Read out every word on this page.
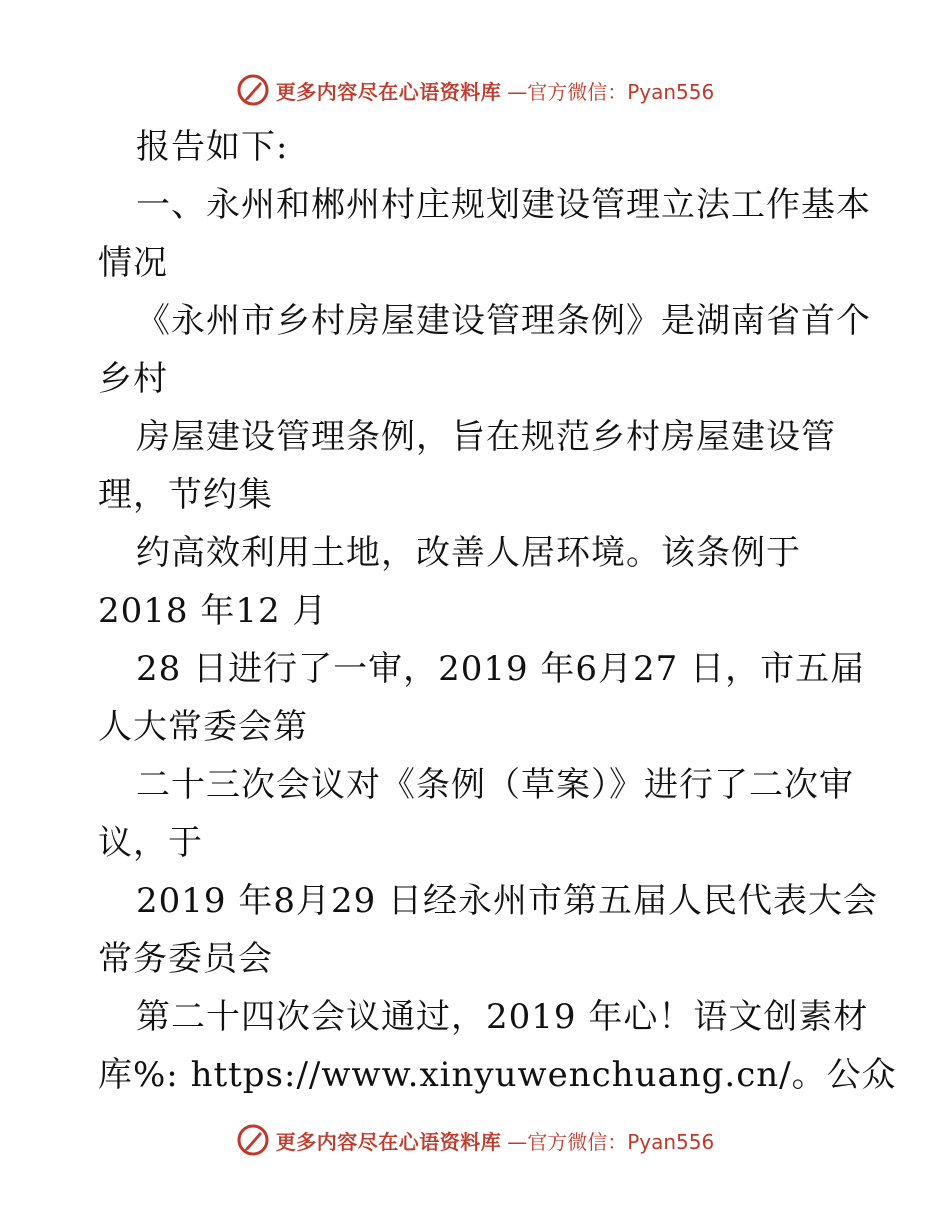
更多内容尽在心语资料库 —官方微信：Pyan556
报告如下:
一、永州和郴州村庄规划建设管理立法工作基本
情况
《永州市乡村房屋建设管理条例》是湖南省首个
乡村
房屋建设管理条例，旨在规范乡村房屋建设管
理，节约集
约高效利用土地，改善人居环境。该条例于
2018 年12 月
28 日进行了一审，2019 年6月27 日，市五届
人大常委会第
二十三次会议对《条例（草案）》进行了二次审
议，于
2019 年8月29 日经永州市第五届人民代表大会
常务委员会
第二十四次会议通过，2019 年心！语文创素材
库%: https://www.xinyuwenchuang.cn/。公众
更多内容尽在心语资料库 —官方微信：Pyan556
